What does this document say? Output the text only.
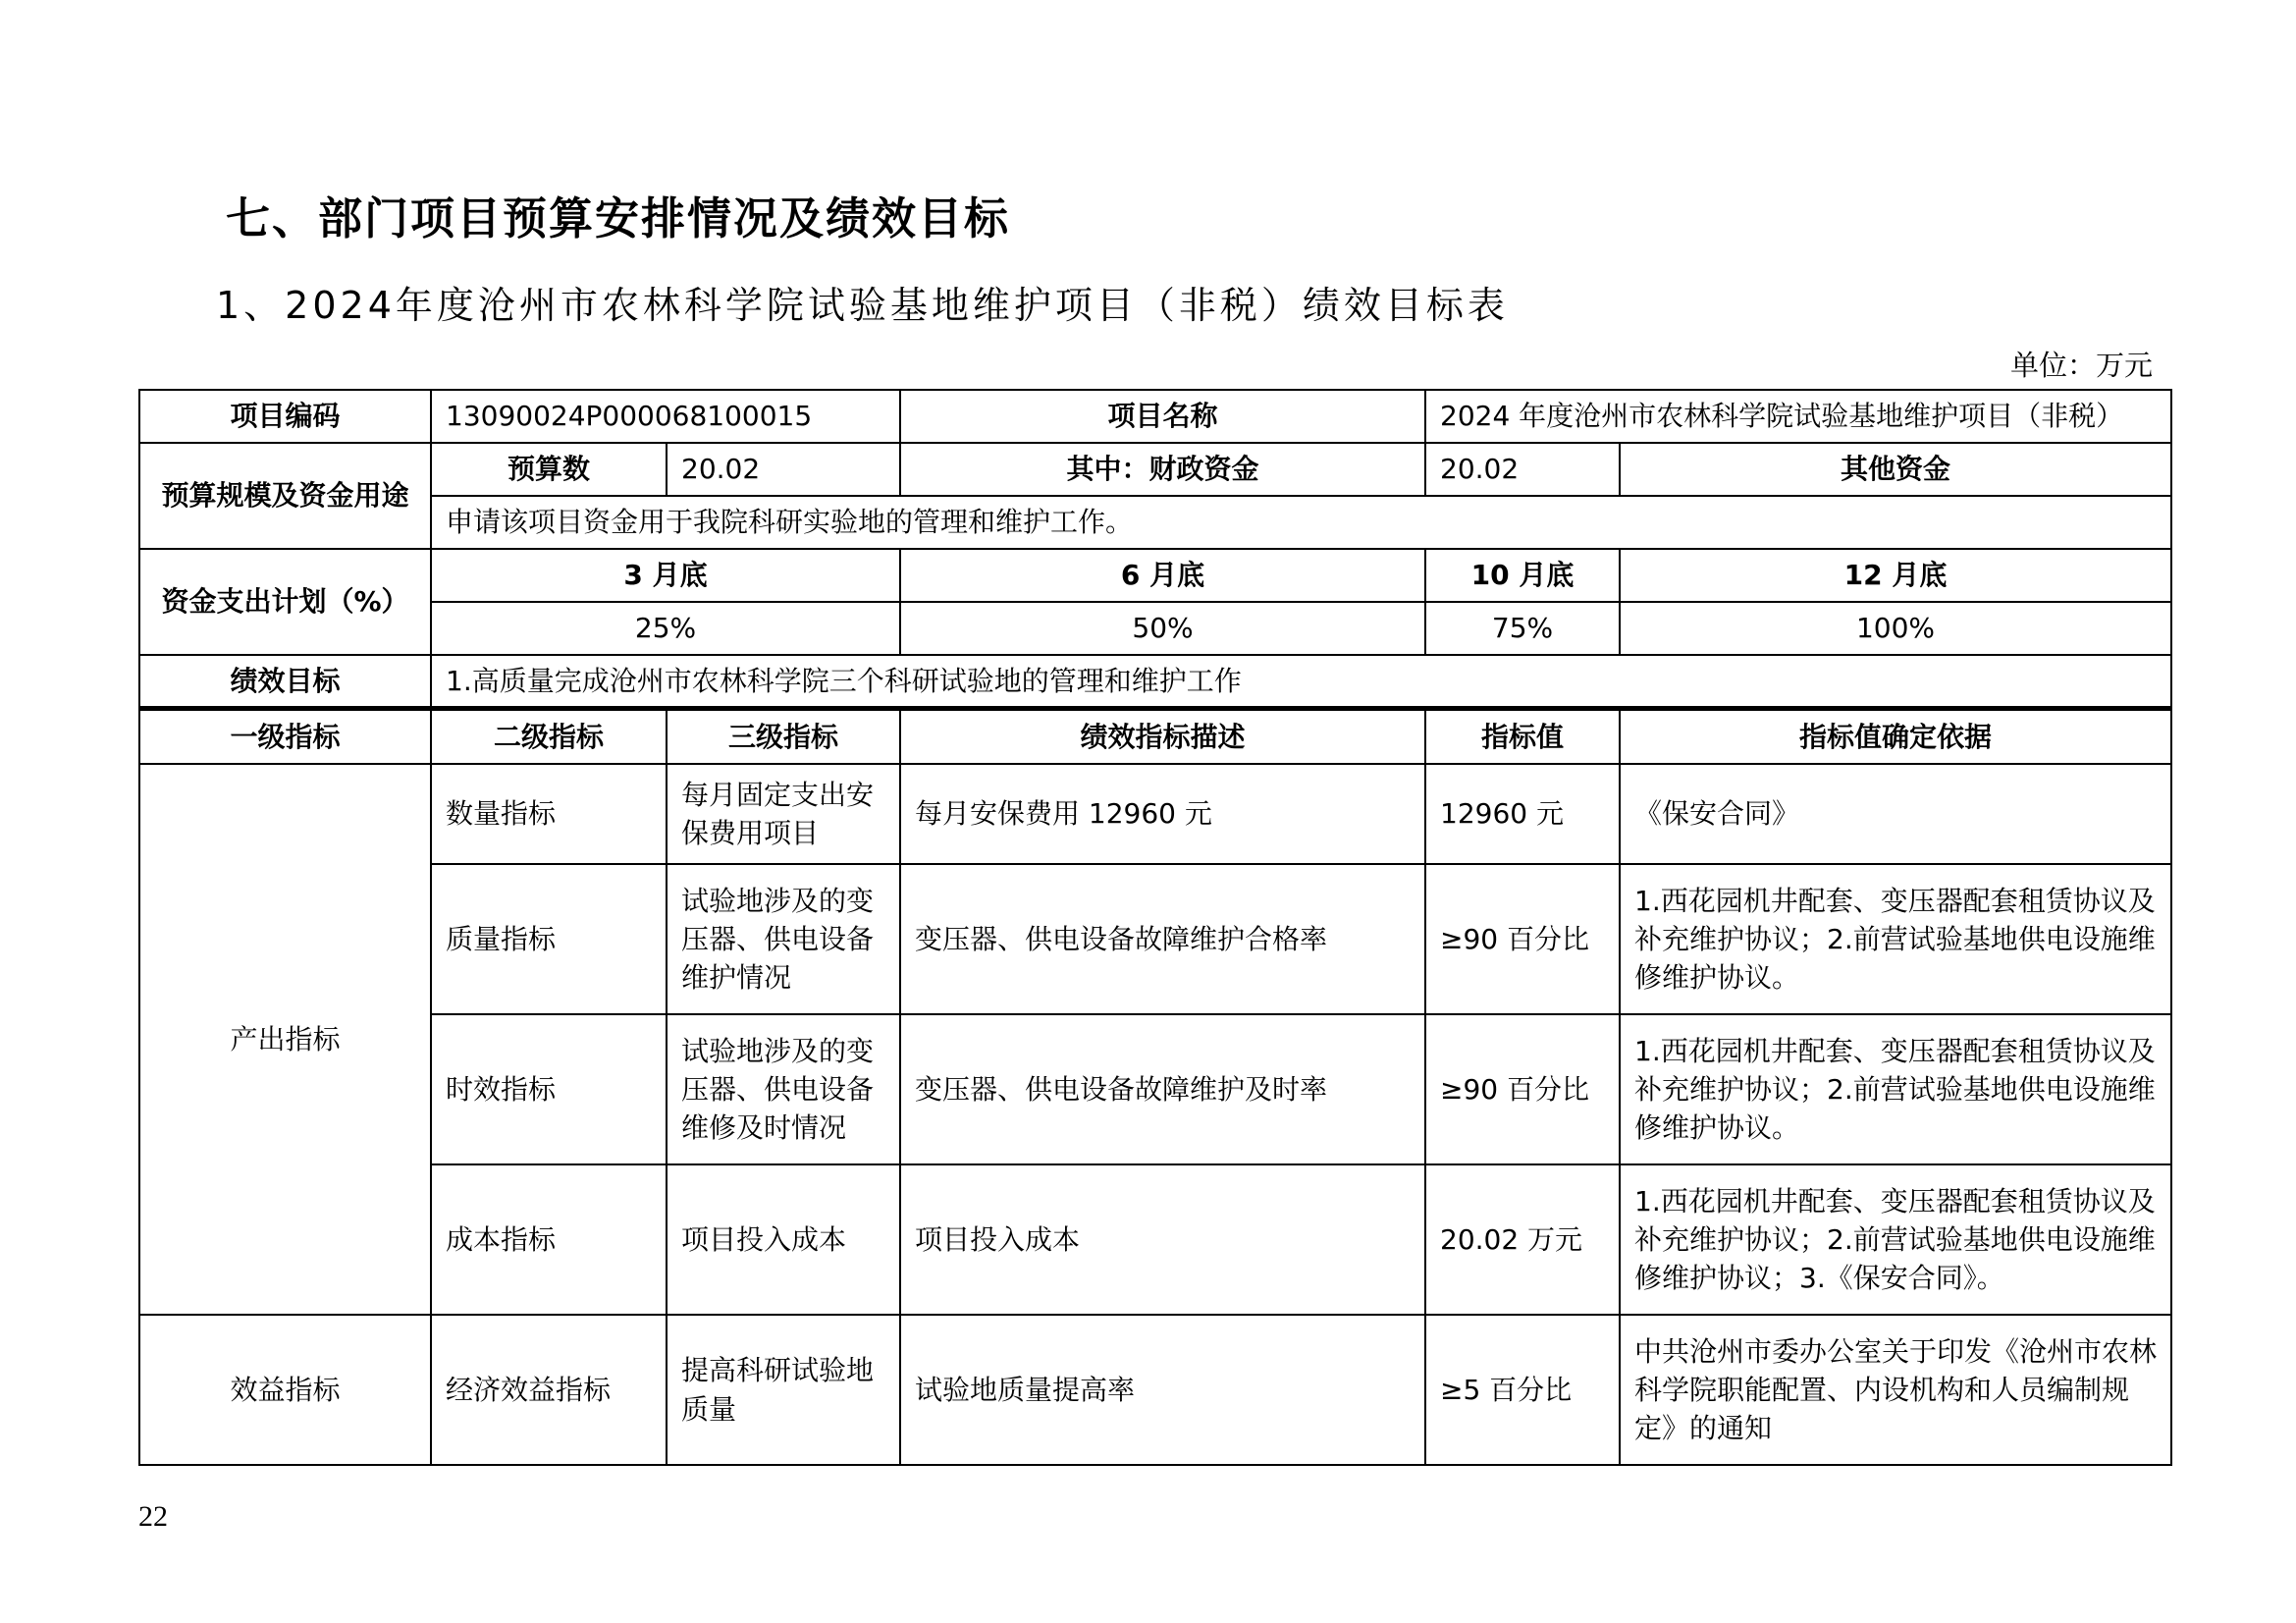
七、部门项目预算安排情况及绩效目标
1、2024年度沧州市农林科学院试验基地维护项目（非税）绩效目标表
单位：万元
项目编码	13090024P000068100015		项目名称	2024 年度沧州市农林科学院试验基地维护项目（非税）	
预算规模及资金用途	预算数	20.02	其中：财政资金	20.02	其他资金
	申请该项目资金用于我院科研实验地的管理和维护工作。				
资金支出计划（%）	3 月底		6 月底	10 月底	12 月底
	25%		50%	75%	100%
绩效目标	1.高质量完成沧州市农林科学院三个科研试验地的管理和维护工作				
一级指标	二级指标	三级指标	绩效指标描述	指标值	指标值确定依据
产出指标	数量指标	每月固定支出安保费用项目	每月安保费用 12960 元	12960 元	《保安合同》
	质量指标	试验地涉及的变压器、供电设备维护情况	变压器、供电设备故障维护合格率	≥90 百分比	1.西花园机井配套、变压器配套租赁协议及补充维护协议；2.前营试验基地供电设施维修维护协议。
	时效指标	试验地涉及的变压器、供电设备维修及时情况	变压器、供电设备故障维护及时率	≥90 百分比	1.西花园机井配套、变压器配套租赁协议及补充维护协议；2.前营试验基地供电设施维修维护协议。
	成本指标	项目投入成本	项目投入成本	20.02 万元	1.西花园机井配套、变压器配套租赁协议及补充维护协议；2.前营试验基地供电设施维修维护协议；3.《保安合同》。
效益指标	经济效益指标	提高科研试验地质量	试验地质量提高率	≥5 百分比	中共沧州市委办公室关于印发《沧州市农林科学院职能配置、内设机构和人员编制规定》的通知
22
